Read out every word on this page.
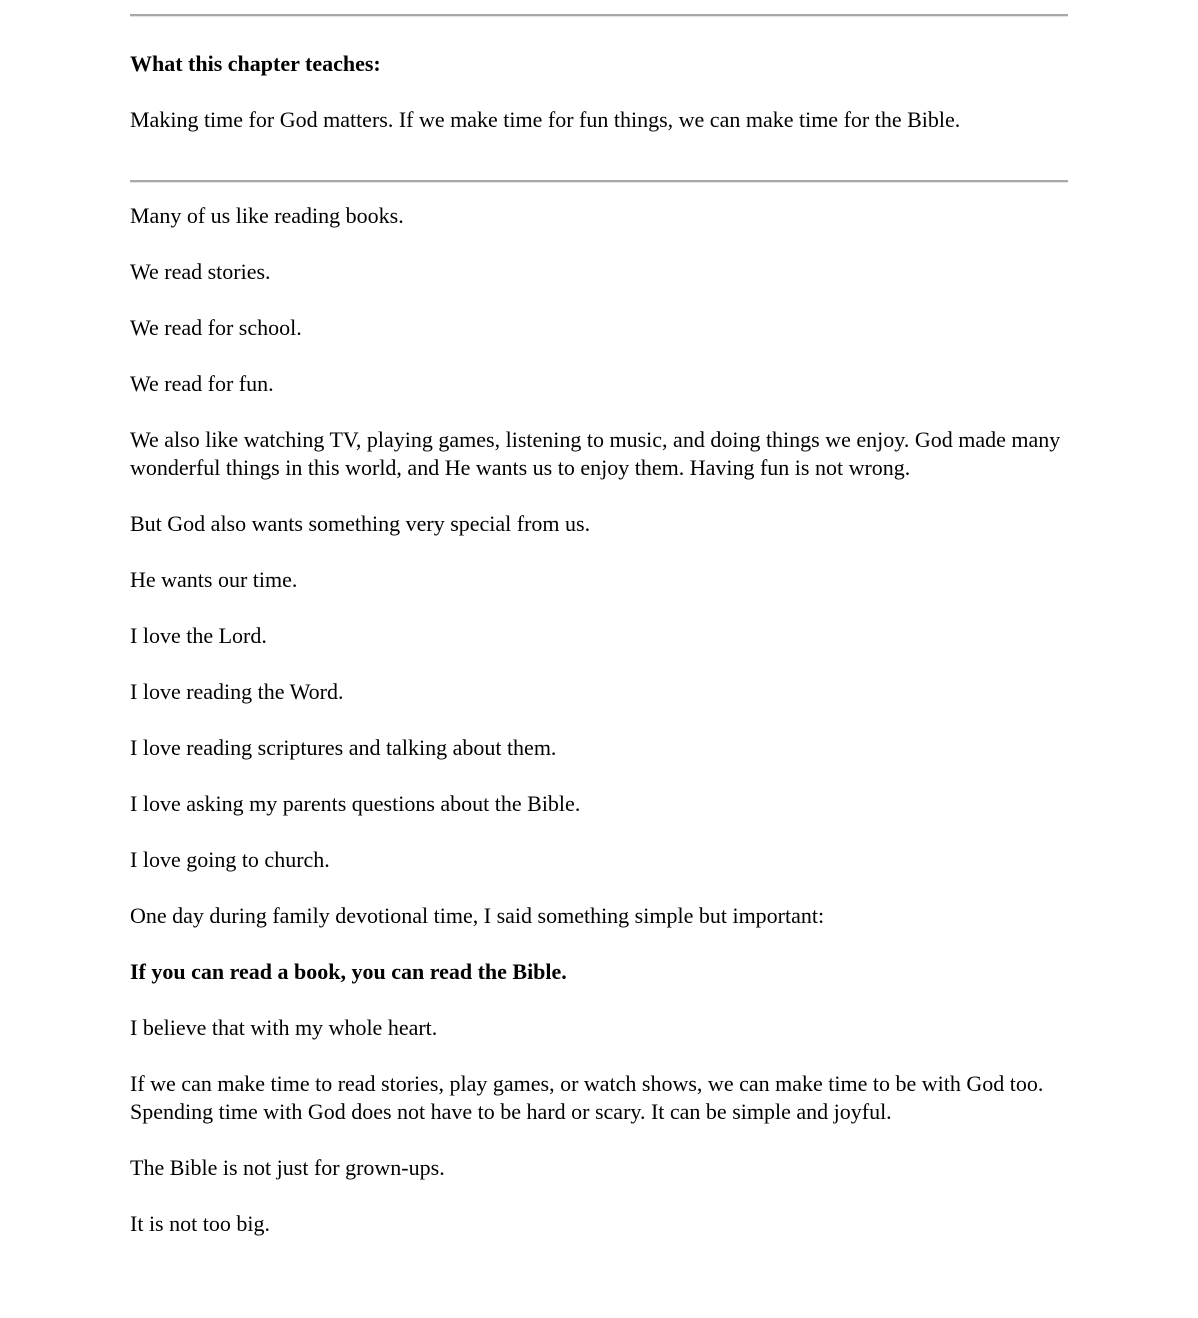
What this chapter teaches:

Making time for God matters. If we make time for fun things, we can make time for the Bible.

Many of us like reading books.

We read stories.

We read for school.

We read for fun.

We also like watching TV, playing games, listening to music, and doing things we enjoy. God made many wonderful things in this world, and He wants us to enjoy them. Having fun is not wrong.

But God also wants something very special from us.

He wants our time.

I love the Lord.

I love reading the Word.

I love reading scriptures and talking about them.

I love asking my parents questions about the Bible.

I love going to church.

One day during family devotional time, I said something simple but important:

If you can read a book, you can read the Bible.

I believe that with my whole heart.

If we can make time to read stories, play games, or watch shows, we can make time to be with God too. Spending time with God does not have to be hard or scary. It can be simple and joyful.

The Bible is not just for grown-ups.

It is not too big.
